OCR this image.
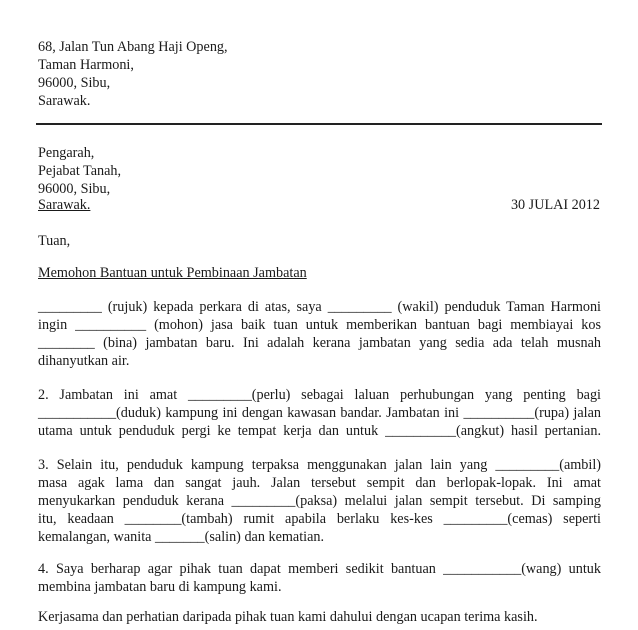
68, Jalan Tun Abang Haji Openg,
Taman Harmoni,
96000, Sibu,
Sarawak.
Pengarah,
Pejabat Tanah,
96000, Sibu,
Sarawak.	30 JULAI 2012
Tuan,
Memohon Bantuan untuk Pembinaan Jambatan
_________ (rujuk) kepada perkara di atas, saya _________ (wakil) penduduk Taman Harmoni
ingin __________ (mohon) jasa baik tuan untuk memberikan bantuan bagi membiayai kos
________ (bina) jambatan baru. Ini adalah kerana jambatan yang sedia ada telah musnah
dihanyutkan air.
2. Jambatan ini amat _________(perlu) sebagai laluan perhubungan yang penting bagi
___________(duduk) kampung ini dengan kawasan bandar. Jambatan ini __________(rupa) jalan
utama untuk penduduk pergi ke tempat kerja dan untuk __________(angkut) hasil pertanian.
3. Selain itu, penduduk kampung terpaksa menggunakan jalan lain yang _________(ambil)
masa agak lama dan sangat jauh. Jalan tersebut sempit dan berlopak-lopak. Ini amat
menyukarkan penduduk kerana _________(paksa) melalui jalan sempit tersebut. Di samping
itu, keadaan ________(tambah) rumit apabila berlaku kes-kes _________(cemas) seperti
kemalangan, wanita _______(salin) dan kematian.
4. Saya berharap agar pihak tuan dapat memberi sedikit bantuan ___________(wang) untuk
membina jambatan baru di kampung kami.
Kerjasama dan perhatian daripada pihak tuan kami dahului dengan ucapan terima kasih.
